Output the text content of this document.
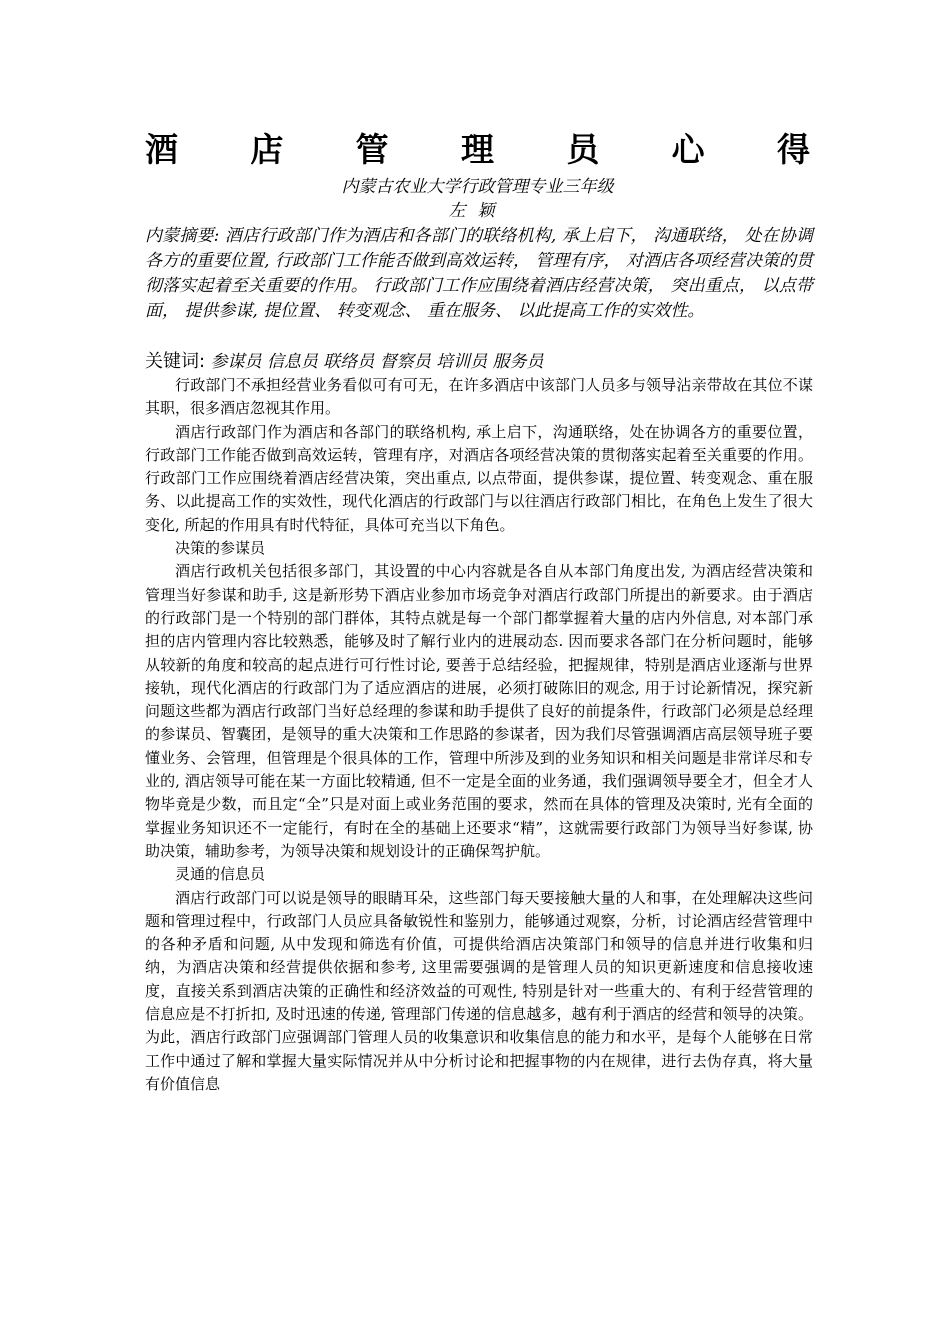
酒 店 管 理 员 心 得
内蒙古农业大学行政管理专业三年级
左颖
内蒙摘要: 酒店行政部门作为酒店和各部门的联络机构, 承上启下， 沟通联络， 处在协调各方的重要位置, 行政部门工作能否做到高效运转， 管理有序， 对酒店各项经营决策的贯彻落实起着至关重要的作用。 行政部门工作应围绕着酒店经营决策， 突出重点， 以点带面， 提供参谋, 提位置、 转变观念、 重在服务、 以此提高工作的实效性。
关键词: 参谋员 信息员 联络员 督察员 培训员 服务员

行政部门不承担经营业务看似可有可无，在许多酒店中该部门人员多与领导沾亲带故在其位不谋其职，很多酒店忽视其作用。

酒店行政部门作为酒店和各部门的联络机构, 承上启下，沟通联络，处在协调各方的重要位置，行政部门工作能否做到高效运转，管理有序，对酒店各项经营决策的贯彻落实起着至关重要的作用。行政部门工作应围绕着酒店经营决策，突出重点, 以点带面，提供参谋，提位置、转变观念、重在服务、以此提高工作的实效性，现代化酒店的行政部门与以往酒店行政部门相比，在角色上发生了很大变化, 所起的作用具有时代特征，具体可充当以下角色。

决策的参谋员

酒店行政机关包括很多部门，其设置的中心内容就是各自从本部门角度出发, 为酒店经营决策和管理当好参谋和助手, 这是新形势下酒店业参加市场竞争对酒店行政部门所提出的新要求。由于酒店的行政部门是一个特别的部门群体，其特点就是每一个部门都掌握着大量的店内外信息, 对本部门承担的店内管理内容比较熟悉，能够及时了解行业内的进展动态. 因而要求各部门在分析问题时，能够从较新的角度和较高的起点进行可行性讨论, 要善于总结经验，把握规律，特别是酒店业逐渐与世界接轨，现代化酒店的行政部门为了适应酒店的进展，必须打破陈旧的观念, 用于讨论新情况，探究新问题这些都为酒店行政部门当好总经理的参谋和助手提供了良好的前提条件，行政部门必须是总经理的参谋员、智囊团，是领导的重大决策和工作思路的参谋者，因为我们尽管强调酒店高层领导班子要懂业务、会管理，但管理是个很具体的工作，管理中所涉及到的业务知识和相关问题是非常详尽和专业的, 酒店领导可能在某一方面比较精通, 但不一定是全面的业务通，我们强调领导要全才，但全才人物毕竟是少数，而且定“全”只是对面上或业务范围的要求，然而在具体的管理及决策时, 光有全面的掌握业务知识还不一定能行，有时在全的基础上还要求“精”，这就需要行政部门为领导当好参谋, 协助决策，辅助参考，为领导决策和规划设计的正确保驾护航。

灵通的信息员

酒店行政部门可以说是领导的眼睛耳朵，这些部门每天要接触大量的人和事，在处理解决这些问题和管理过程中，行政部门人员应具备敏锐性和鉴别力，能够通过观察，分析，讨论酒店经营管理中的各种矛盾和问题, 从中发现和筛选有价值，可提供给酒店决策部门和领导的信息并进行收集和归纳，为酒店决策和经营提供依据和参考, 这里需要强调的是管理人员的知识更新速度和信息接收速度，直接关系到酒店决策的正确性和经济效益的可观性, 特别是针对一些重大的、有利于经营管理的信息应是不打折扣, 及时迅速的传递, 管理部门传递的信息越多，越有利于酒店的经营和领导的决策。为此，酒店行政部门应强调部门管理人员的收集意识和收集信息的能力和水平，是每个人能够在日常工作中通过了解和掌握大量实际情况并从中分析讨论和把握事物的内在规律，进行去伪存真，将大量有价值信息
